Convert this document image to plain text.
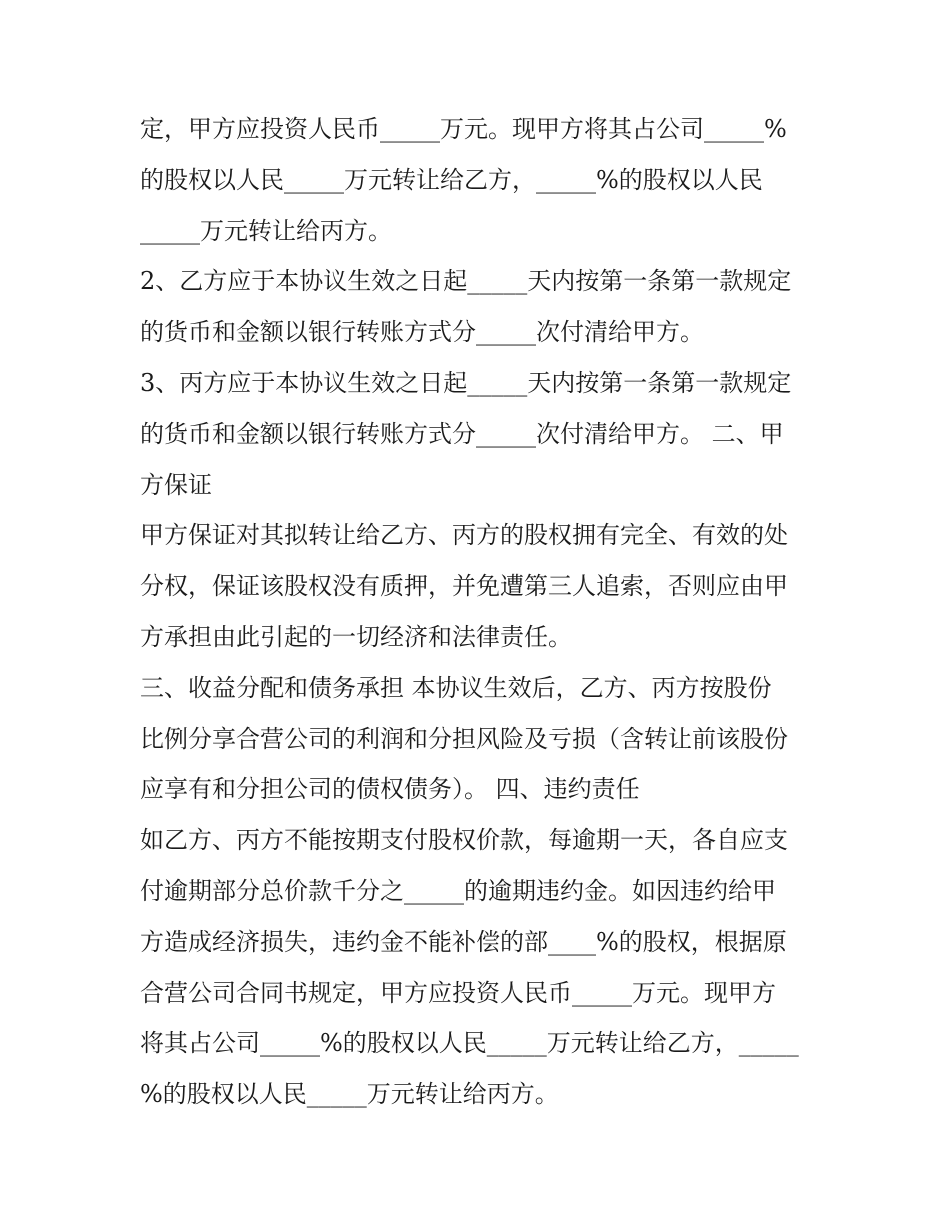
定，甲方应投资人民币_____万元。现甲方将其占公司_____%
的股权以人民_____万元转让给乙方，_____%的股权以人民
_____万元转让给丙方。
2、乙方应于本协议生效之日起_____天内按第一条第一款规定
的货币和金额以银行转账方式分_____次付清给甲方。
3、丙方应于本协议生效之日起_____天内按第一条第一款规定
的货币和金额以银行转账方式分_____次付清给甲方。 二、甲
方保证
甲方保证对其拟转让给乙方、丙方的股权拥有完全、有效的处
分权，保证该股权没有质押，并免遭第三人追索，否则应由甲
方承担由此引起的一切经济和法律责任。
三、收益分配和债务承担 本协议生效后，乙方、丙方按股份
比例分享合营公司的利润和分担风险及亏损（含转让前该股份
应享有和分担公司的债权债务）。 四、违约责任
如乙方、丙方不能按期支付股权价款，每逾期一天，各自应支
付逾期部分总价款千分之_____的逾期违约金。如因违约给甲
方造成经济损失，违约金不能补偿的部____%的股权，根据原
合营公司合同书规定，甲方应投资人民币_____万元。现甲方
将其占公司_____%的股权以人民_____万元转让给乙方，_____
%的股权以人民_____万元转让给丙方。
